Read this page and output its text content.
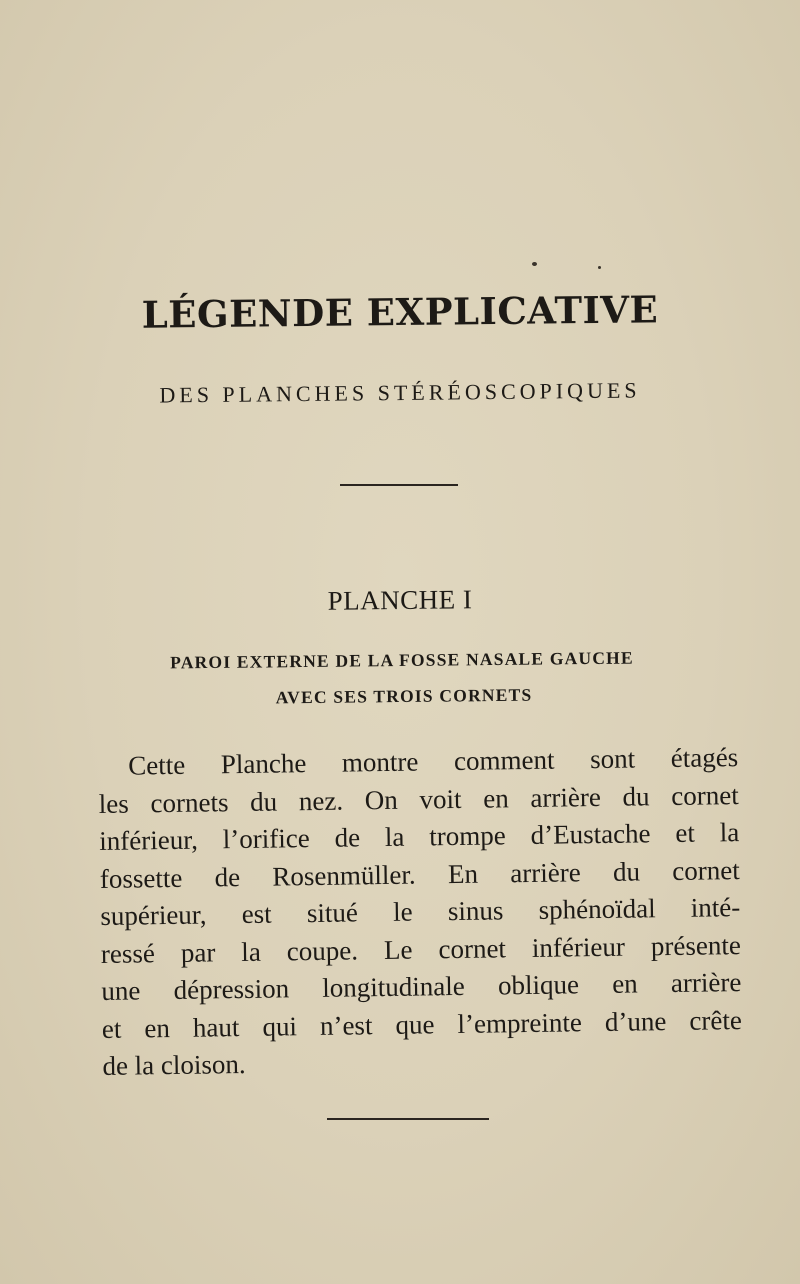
LÉGENDE EXPLICATIVE
DES PLANCHES STÉRÉOSCOPIQUES
PLANCHE I
PAROI EXTERNE DE LA FOSSE NASALE GAUCHE
AVEC SES TROIS CORNETS
Cette Planche montre comment sont étagés
les cornets du nez. On voit en arrière du cornet
inférieur, l’orifice de la trompe d’Eustache et la
fossette de Rosenmüller. En arrière du cornet
supérieur, est situé le sinus sphénoïdal inté-
ressé par la coupe. Le cornet inférieur présente
une dépression longitudinale oblique en arrière
et en haut qui n’est que l’empreinte d’une crête
de la cloison.
